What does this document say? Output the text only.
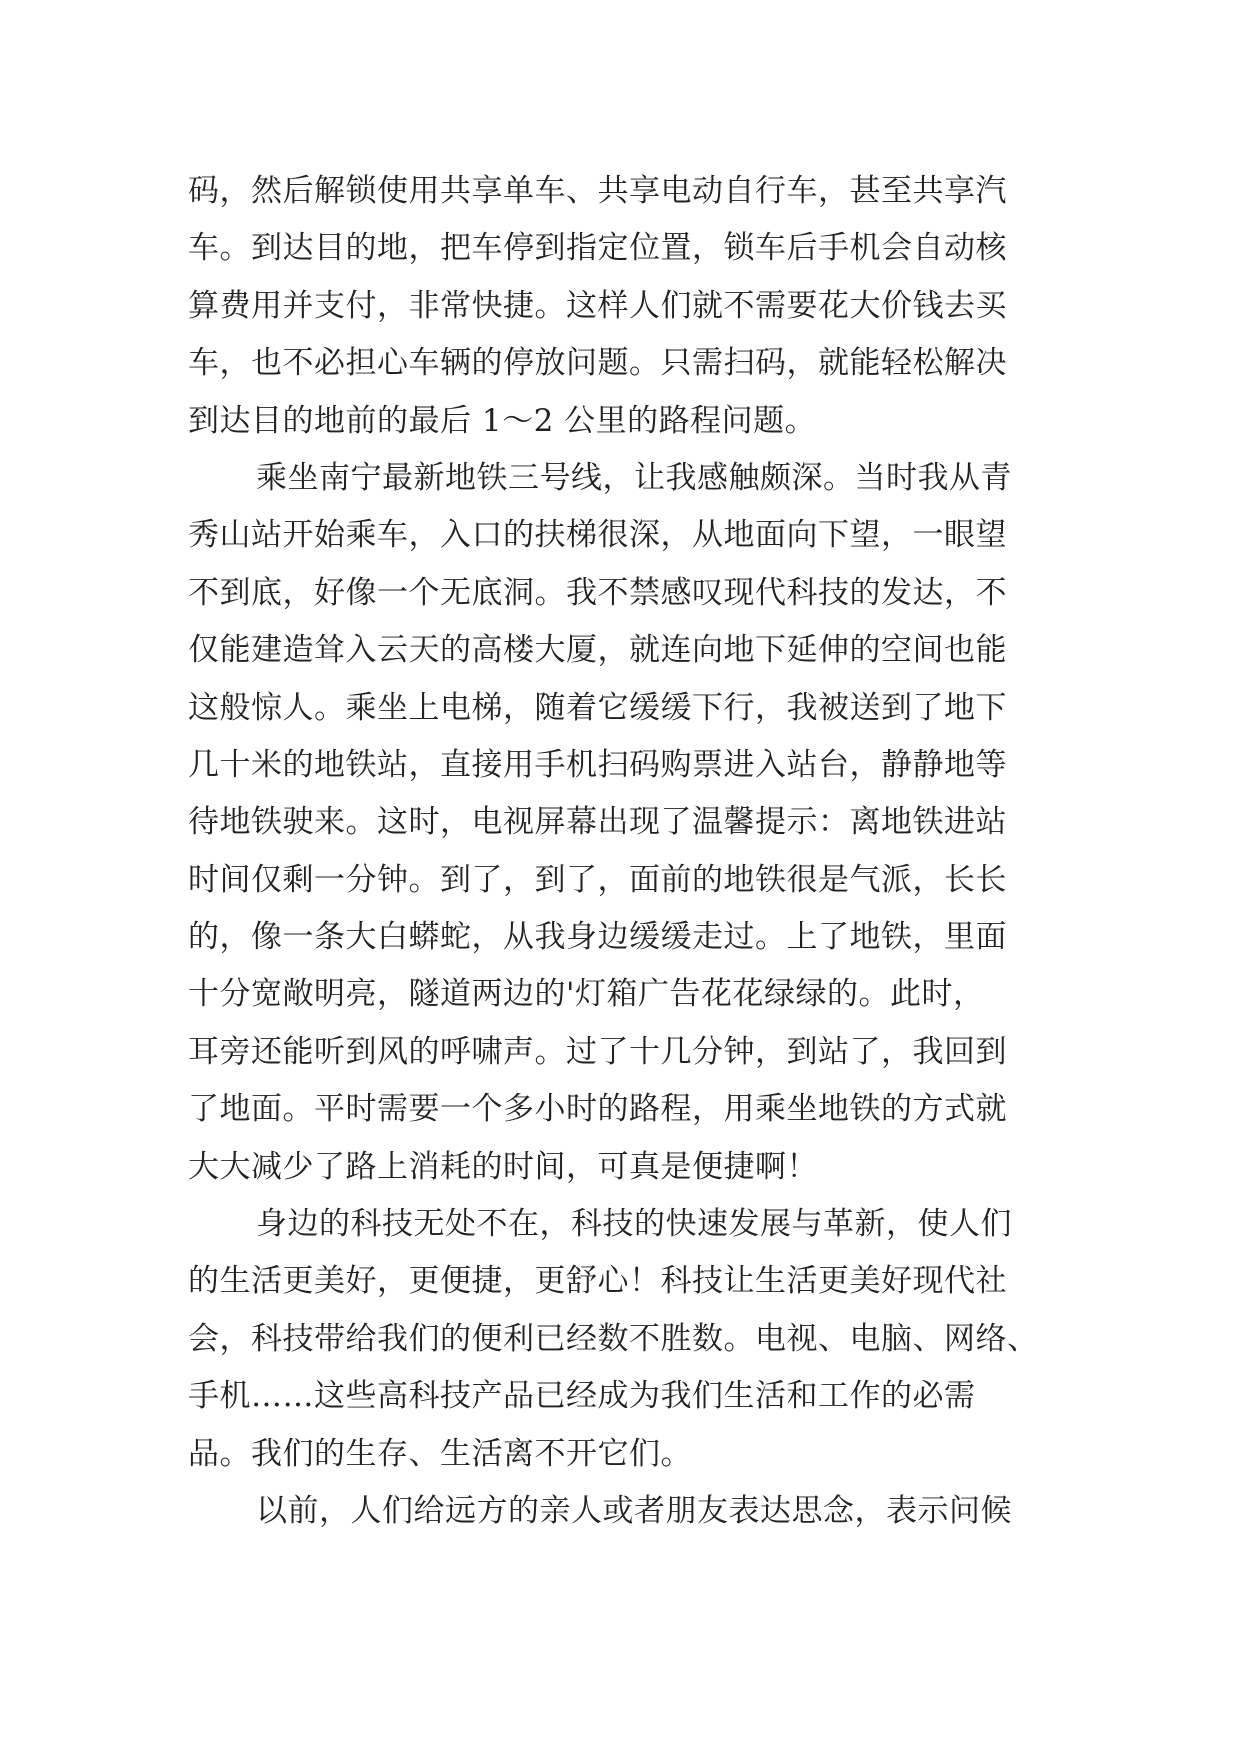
码，然后解锁使用共享单车、共享电动自行车，甚至共享汽
车。到达目的地，把车停到指定位置，锁车后手机会自动核
算费用并支付，非常快捷。这样人们就不需要花大价钱去买
车，也不必担心车辆的停放问题。只需扫码，就能轻松解决
到达目的地前的最后 1～2 公里的路程问题。
乘坐南宁最新地铁三号线，让我感触颇深。当时我从青
秀山站开始乘车，入口的扶梯很深，从地面向下望，一眼望
不到底，好像一个无底洞。我不禁感叹现代科技的发达，不
仅能建造耸入云天的高楼大厦，就连向地下延伸的空间也能
这般惊人。乘坐上电梯，随着它缓缓下行，我被送到了地下
几十米的地铁站，直接用手机扫码购票进入站台，静静地等
待地铁驶来。这时，电视屏幕出现了温馨提示：离地铁进站
时间仅剩一分钟。到了，到了，面前的地铁很是气派，长长
的，像一条大白蟒蛇，从我身边缓缓走过。上了地铁，里面
十分宽敞明亮，隧道两边的'灯箱广告花花绿绿的。此时，
耳旁还能听到风的呼啸声。过了十几分钟，到站了，我回到
了地面。平时需要一个多小时的路程，用乘坐地铁的方式就
大大减少了路上消耗的时间，可真是便捷啊！
身边的科技无处不在，科技的快速发展与革新，使人们
的生活更美好，更便捷，更舒心！科技让生活更美好现代社
会，科技带给我们的便利已经数不胜数。电视、电脑、网络、
手机……这些高科技产品已经成为我们生活和工作的必需
品。我们的生存、生活离不开它们。
以前，人们给远方的亲人或者朋友表达思念，表示问候
